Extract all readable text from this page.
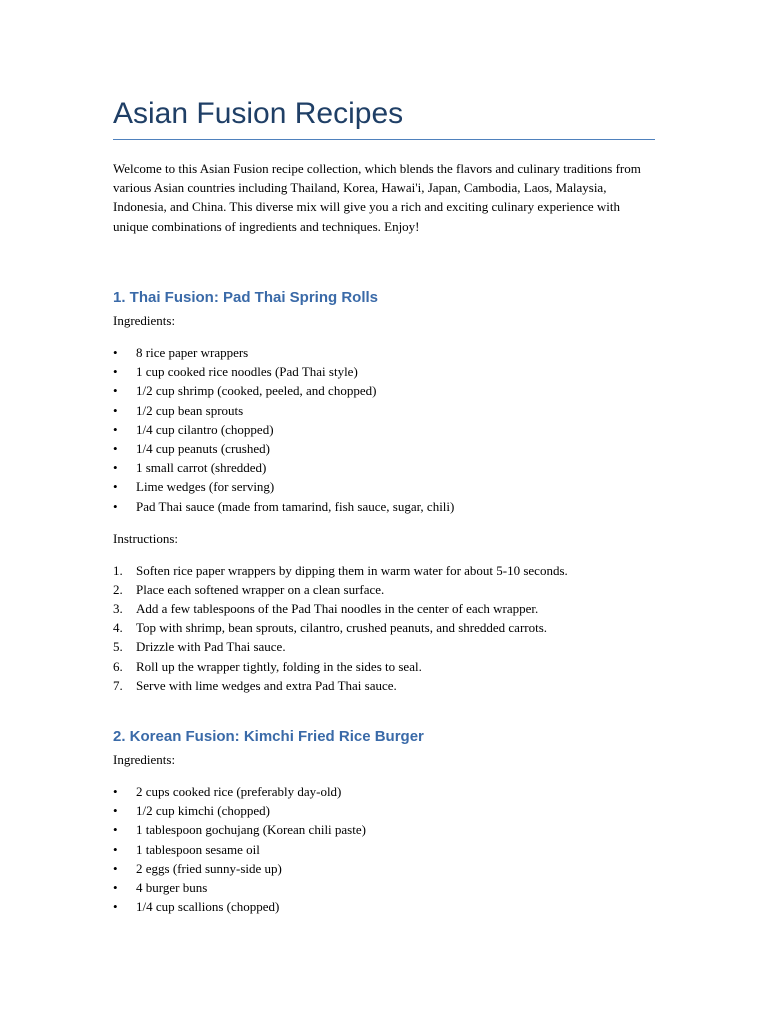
Asian Fusion Recipes

Welcome to this Asian Fusion recipe collection, which blends the flavors and culinary traditions from various Asian countries including Thailand, Korea, Hawai'i, Japan, Cambodia, Laos, Malaysia, Indonesia, and China. This diverse mix will give you a rich and exciting culinary experience with unique combinations of ingredients and techniques. Enjoy!

1. Thai Fusion: Pad Thai Spring Rolls

Ingredients:

• 8 rice paper wrappers
• 1 cup cooked rice noodles (Pad Thai style)
• 1/2 cup shrimp (cooked, peeled, and chopped)
• 1/2 cup bean sprouts
• 1/4 cup cilantro (chopped)
• 1/4 cup peanuts (crushed)
• 1 small carrot (shredded)
• Lime wedges (for serving)
• Pad Thai sauce (made from tamarind, fish sauce, sugar, chili)

Instructions:

1. Soften rice paper wrappers by dipping them in warm water for about 5-10 seconds.
2. Place each softened wrapper on a clean surface.
3. Add a few tablespoons of the Pad Thai noodles in the center of each wrapper.
4. Top with shrimp, bean sprouts, cilantro, crushed peanuts, and shredded carrots.
5. Drizzle with Pad Thai sauce.
6. Roll up the wrapper tightly, folding in the sides to seal.
7. Serve with lime wedges and extra Pad Thai sauce.
2. Korean Fusion: Kimchi Fried Rice Burger

Ingredients:

• 2 cups cooked rice (preferably day-old)
• 1/2 cup kimchi (chopped)
• 1 tablespoon gochujang (Korean chili paste)
• 1 tablespoon sesame oil
• 2 eggs (fried sunny-side up)
• 4 burger buns
• 1/4 cup scallions (chopped)
